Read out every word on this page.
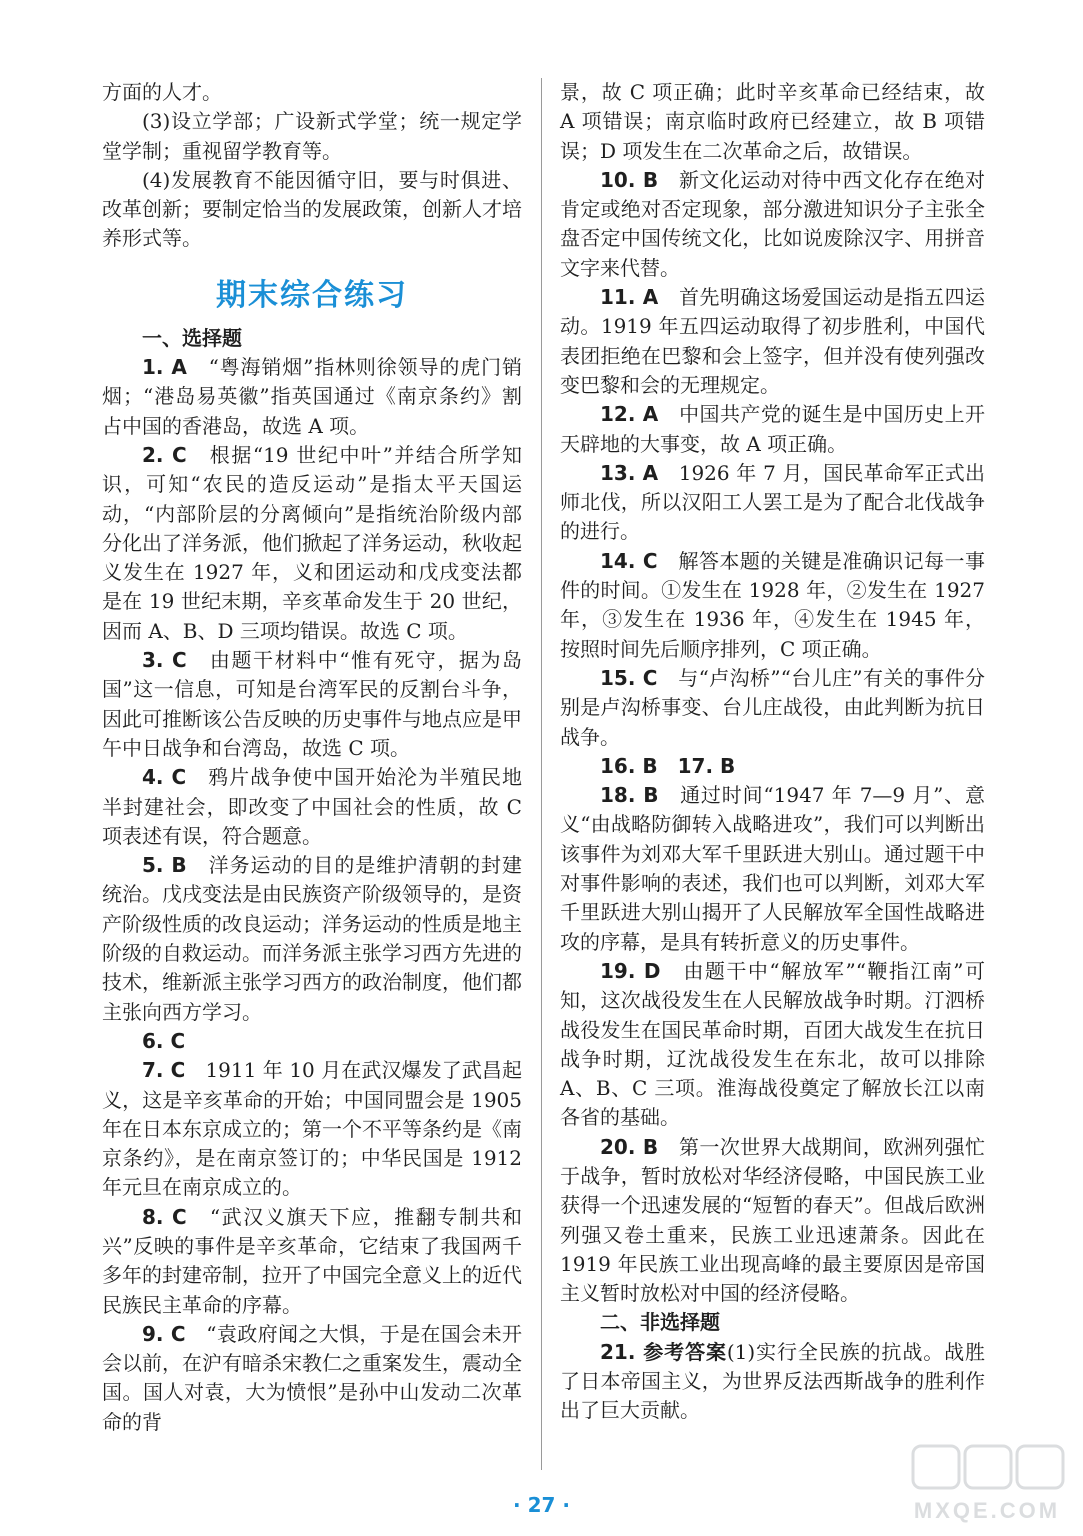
方面的人才。

(3)设立学部；广设新式学堂；统一规定学堂学制；重视留学教育等。

(4)发展教育不能因循守旧，要与时俱进、改革创新；要制定恰当的发展政策，创新人才培养形式等。

期末综合练习

一、选择题

1. A　 “粤海销烟”指林则徐领导的虎门销烟；“港岛易英徽”指英国通过《南京条约》割占中国的香港岛，故选 A 项。

2. C　 根据“19 世纪中叶”并结合所学知识，可知“农民的造反运动”是指太平天国运动，“内部阶层的分离倾向”是指统治阶级内部分化出了洋务派，他们掀起了洋务运动，秋收起义发生在 1927 年，义和团运动和戊戌变法都是在 19 世纪末期，辛亥革命发生于 20 世纪，因而 A、B、D 三项均错误。故选 C 项。

3. C　 由题干材料中“惟有死守，据为岛国”这一信息，可知是台湾军民的反割台斗争，因此可推断该公告反映的历史事件与地点应是甲午中日战争和台湾岛，故选 C 项。

4. C　 鸦片战争使中国开始沦为半殖民地半封建社会，即改变了中国社会的性质，故 C 项表述有误，符合题意。

5. B　 洋务运动的目的是维护清朝的封建统治。戊戌变法是由民族资产阶级领导的，是资产阶级性质的改良运动；洋务运动的性质是地主阶级的自救运动。而洋务派主张学习西方先进的技术，维新派主张学习西方的政治制度，他们都主张向西方学习。

6. C

7. C　 1911 年 10 月在武汉爆发了武昌起义，这是辛亥革命的开始；中国同盟会是 1905 年在日本东京成立的；第一个不平等条约是《南京条约》，是在南京签订的；中华民国是 1912 年元旦在南京成立的。

8. C　 “武汉义旗天下应，推翻专制共和兴”反映的事件是辛亥革命，它结束了我国两千多年的封建帝制，拉开了中国完全意义上的近代民族民主革命的序幕。

9. C　 “袁政府闻之大惧，于是在国会未开会以前，在沪有暗杀宋教仁之重案发生，震动全国。国人对袁，大为愤恨”是孙中山发动二次革命的背

景，故 C 项正确；此时辛亥革命已经结束，故 A 项错误；南京临时政府已经建立，故 B 项错误；D 项发生在二次革命之后，故错误。

10. B　 新文化运动对待中西文化存在绝对肯定或绝对否定现象，部分激进知识分子主张全盘否定中国传统文化，比如说废除汉字、用拼音文字来代替。

11. A　 首先明确这场爱国运动是指五四运动。1919 年五四运动取得了初步胜利，中国代表团拒绝在巴黎和会上签字，但并没有使列强改变巴黎和会的无理规定。

12. A　 中国共产党的诞生是中国历史上开天辟地的大事变，故 A 项正确。

13. A　 1926 年 7 月，国民革命军正式出师北伐，所以汉阳工人罢工是为了配合北伐战争的进行。

14. C　 解答本题的关键是准确识记每一事件的时间。①发生在 1928 年，②发生在 1927 年，③发生在 1936 年，④发生在 1945 年，按照时间先后顺序排列，C 项正确。

15. C　 与“卢沟桥”“台儿庄”有关的事件分别是卢沟桥事变、台儿庄战役，由此判断为抗日战争。

16. B　17. B

18. B　 通过时间“1947 年 7—9 月”、意义“由战略防御转入战略进攻”，我们可以判断出该事件为刘邓大军千里跃进大别山。通过题干中对事件影响的表述，我们也可以判断，刘邓大军千里跃进大别山揭开了人民解放军全国性战略进攻的序幕，是具有转折意义的历史事件。

19. D　 由题干中“解放军”“鞭指江南”可知，这次战役发生在人民解放战争时期。汀泗桥战役发生在国民革命时期，百团大战发生在抗日战争时期，辽沈战役发生在东北，故可以排除 A、B、C 三项。淮海战役奠定了解放长江以南各省的基础。

20. B　 第一次世界大战期间，欧洲列强忙于战争，暂时放松对华经济侵略，中国民族工业获得一个迅速发展的“短暂的春天”。但战后欧洲列强又卷土重来，民族工业迅速萧条。因此在 1919 年民族工业出现高峰的最主要原因是帝国主义暂时放松对中国的经济侵略。

二、非选择题

21. 参考答案(1)实行全民族的抗战。战胜了日本帝国主义，为世界反法西斯战争的胜利作出了巨大贡献。

· 27 ·	MXQE.COM
